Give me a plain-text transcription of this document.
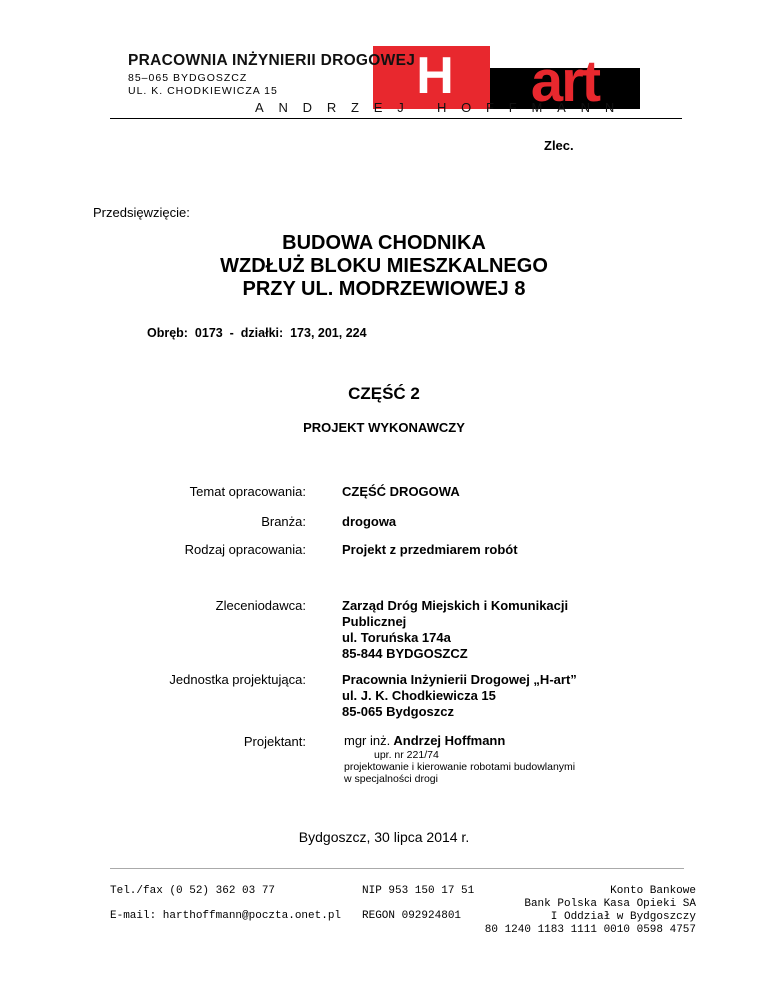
H	art
PRACOWNIA INŻYNIERII DROGOWEJ
85–065 BYDGOSZCZ
UL. K. CHODKIEWICZA 15
ANDRZEJ HOFFMANN
Zlec.
Przedsięwzięcie:
BUDOWA CHODNIKA
WZDŁUŻ BLOKU MIESZKALNEGO
PRZY UL. MODRZEWIOWEJ 8
Obręb:  0173  -  działki:  173, 201, 224
CZĘŚĆ 2
PROJEKT WYKONAWCZY
Temat opracowania:	CZĘŚĆ DROGOWA
Branża:	drogowa
Rodzaj opracowania:	Projekt z przedmiarem robót
Zleceniodawca:	Zarząd Dróg Miejskich i Komunikacji
Publicznej
ul. Toruńska 174a
85-844 BYDGOSZCZ
Jednostka projektująca:	Pracownia Inżynierii Drogowej „H-art”
ul. J. K. Chodkiewicza 15
85-065 Bydgoszcz
Projektant:	mgr inż. Andrzej Hoffmann
upr. nr 221/74
projektowanie i kierowanie robotami budowlanymi
w specjalności drogi
Bydgoszcz, 30 lipca 2014 r.
Tel./fax (0 52) 362 03 77
E-mail: harthoffmann@poczta.onet.pl
NIP 953 150 17 51
REGON 092924801
Konto Bankowe
Bank Polska Kasa Opieki SA
I Oddział w Bydgoszczy
80 1240 1183 1111 0010 0598 4757
